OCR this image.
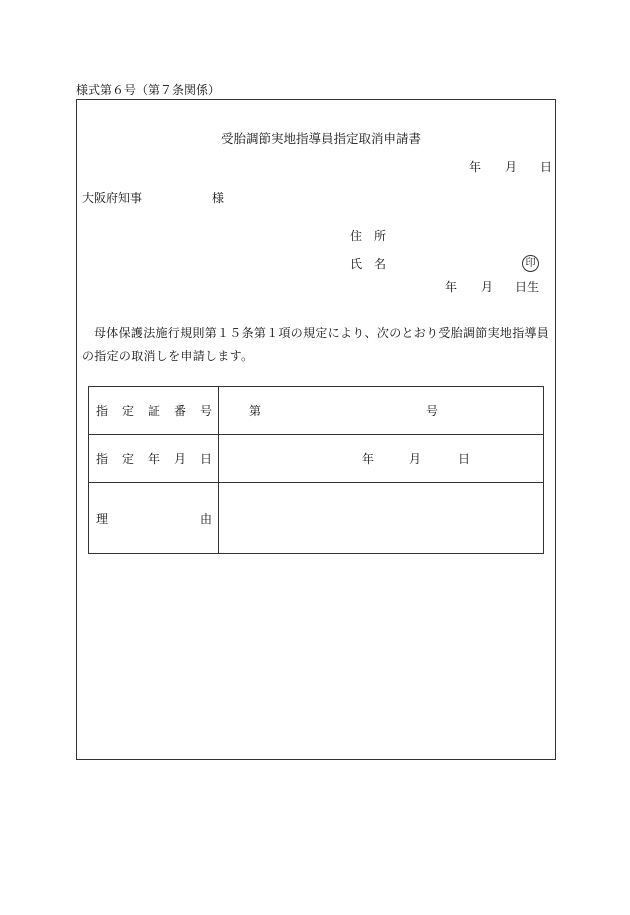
様式第６号（第７条関係）
受胎調節実地指導員指定取消申請書
年 月 日
大阪府知事	様
住　所
氏　名	印
年 月 日生
母体保護法施行規則第１５条第１項の規定により、次のとおり受胎調節実地指導員の指定の取消しを申請します。
指 定 証 番 号	第 号

指 定 年 月 日	年 月 日

理 由	
